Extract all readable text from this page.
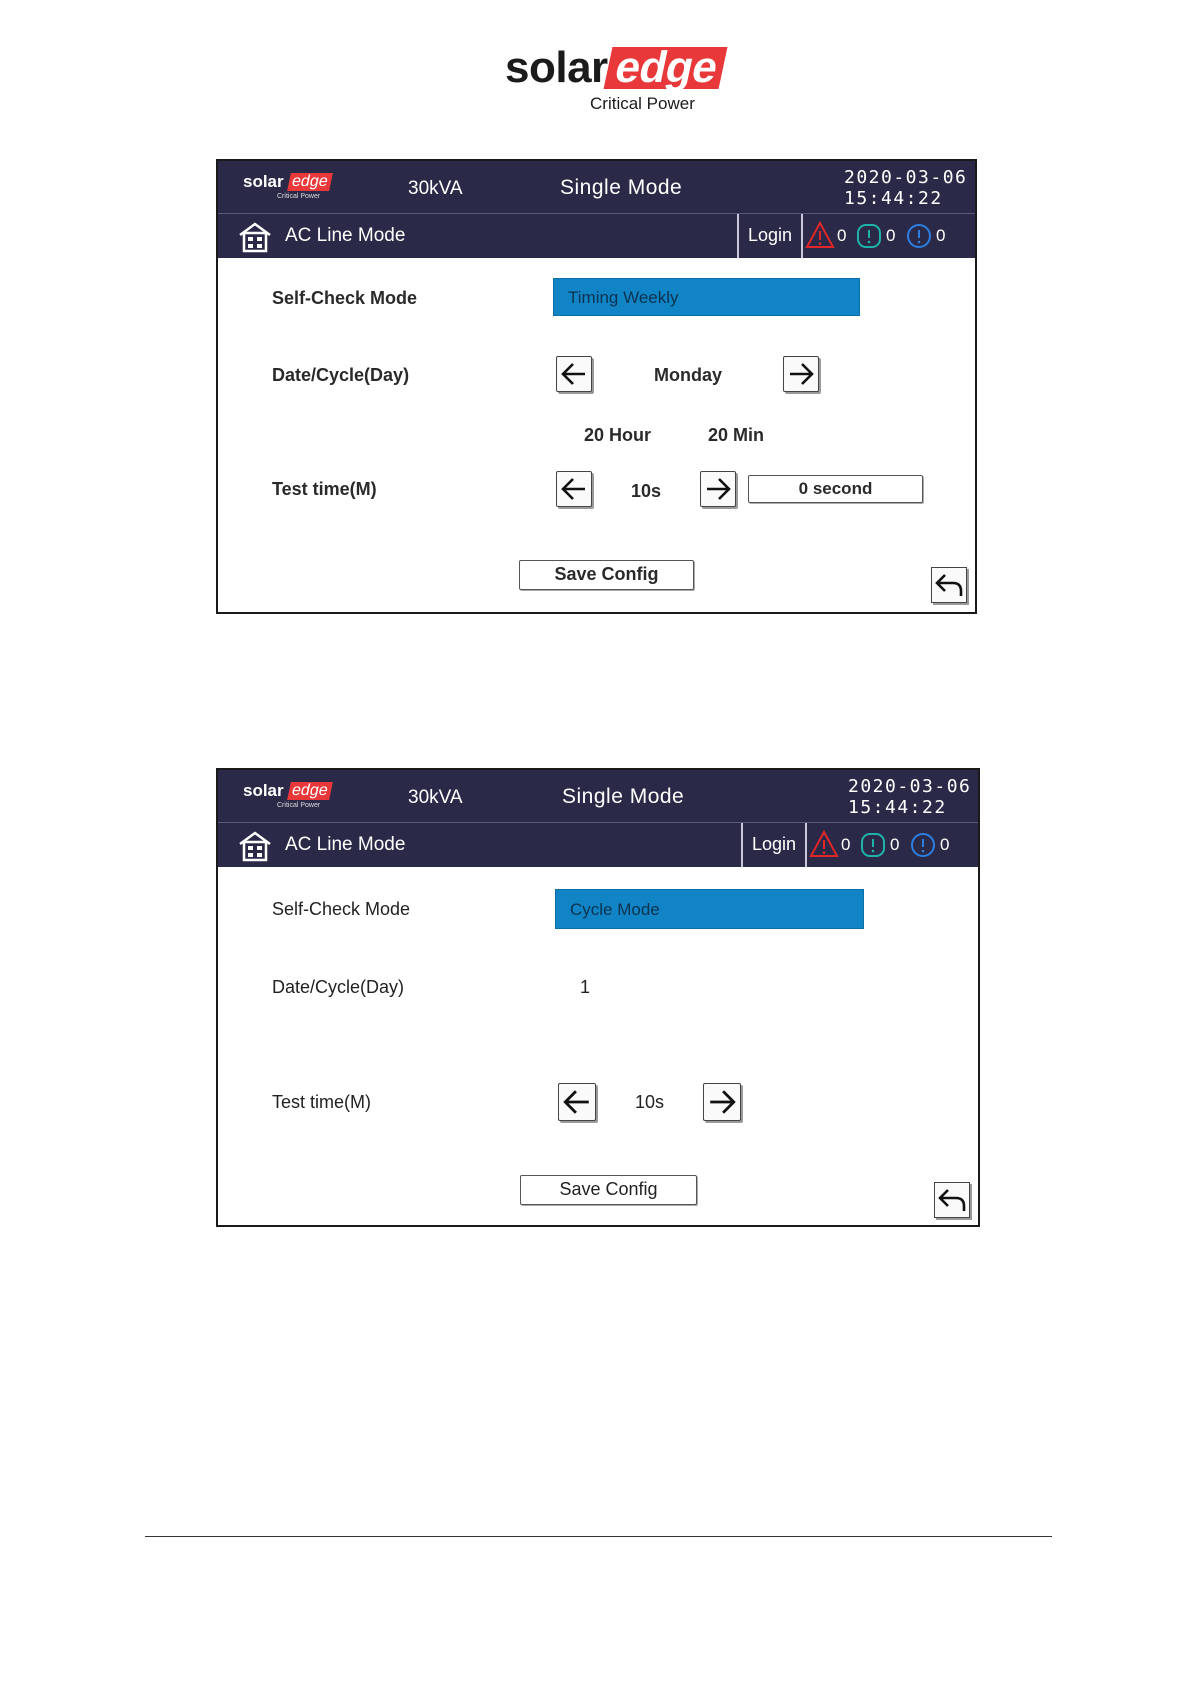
solar edge
Critical Power
solar edge
Critical Power	30kVA	Single Mode	2020-03-06
15:44:22
AC Line Mode	Login	0 0 0
Self-Check Mode	Timing Weekly
Date/Cycle(Day)	Monday
20 Hour	20 Min
Test time(M)	10s	0 second
Save Config
solar edge
Critical Power	30kVA	Single Mode	2020-03-06
15:44:22
AC Line Mode	Login	0 0 0
Self-Check Mode	Cycle Mode
Date/Cycle(Day)	1
Test time(M)	10s
Save Config
